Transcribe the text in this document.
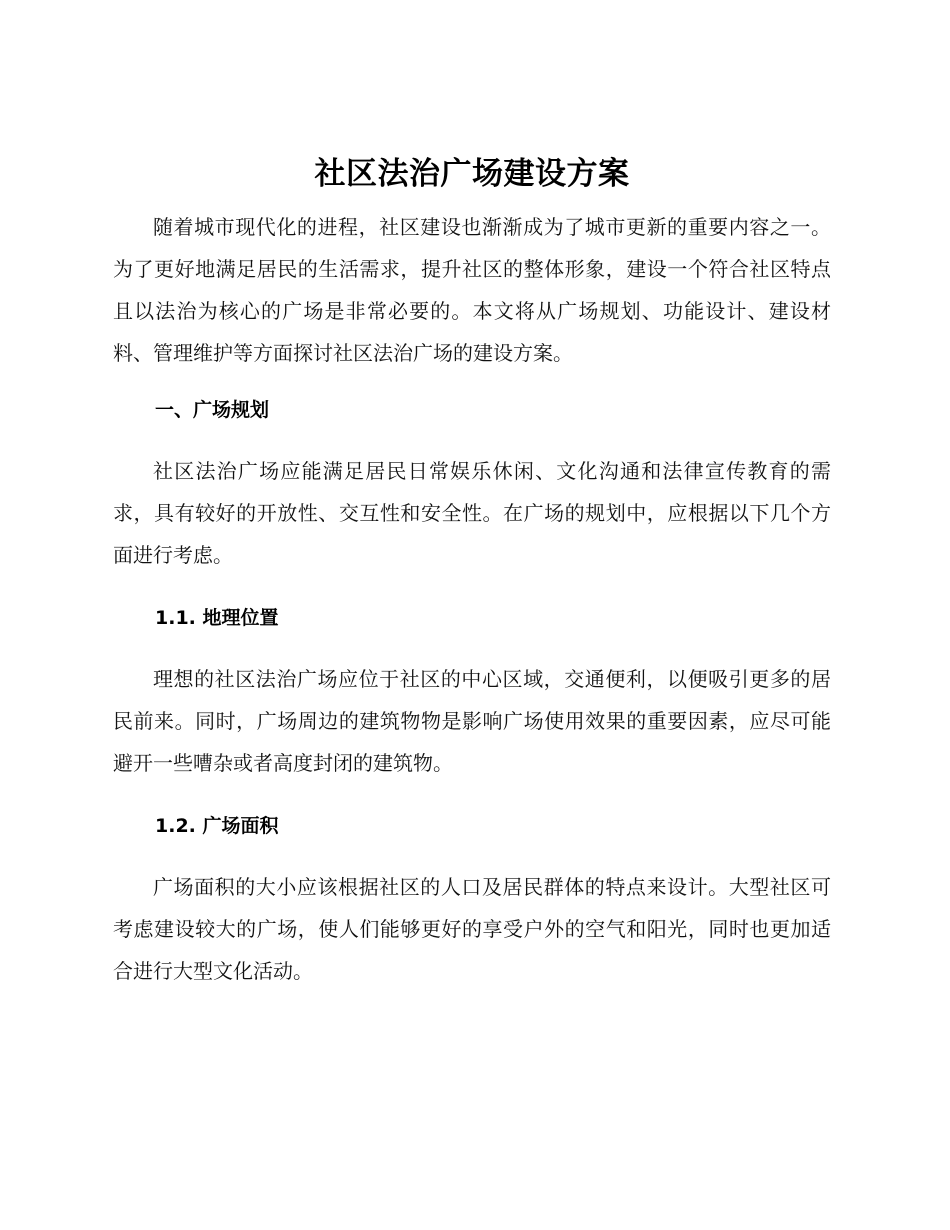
社区法治广场建设方案

随着城市现代化的进程，社区建设也渐渐成为了城市更新的重要内容之一。为了更好地满足居民的生活需求，提升社区的整体形象，建设一个符合社区特点且以法治为核心的广场是非常必要的。本文将从广场规划、功能设计、建设材料、管理维护等方面探讨社区法治广场的建设方案。

一、广场规划

社区法治广场应能满足居民日常娱乐休闲、文化沟通和法律宣传教育的需求，具有较好的开放性、交互性和安全性。在广场的规划中，应根据以下几个方面进行考虑。

1.1. 地理位置

理想的社区法治广场应位于社区的中心区域，交通便利，以便吸引更多的居民前来。同时，广场周边的建筑物物是影响广场使用效果的重要因素，应尽可能避开一些嘈杂或者高度封闭的建筑物。

1.2. 广场面积

广场面积的大小应该根据社区的人口及居民群体的特点来设计。大型社区可考虑建设较大的广场，使人们能够更好的享受户外的空气和阳光，同时也更加适合进行大型文化活动。
